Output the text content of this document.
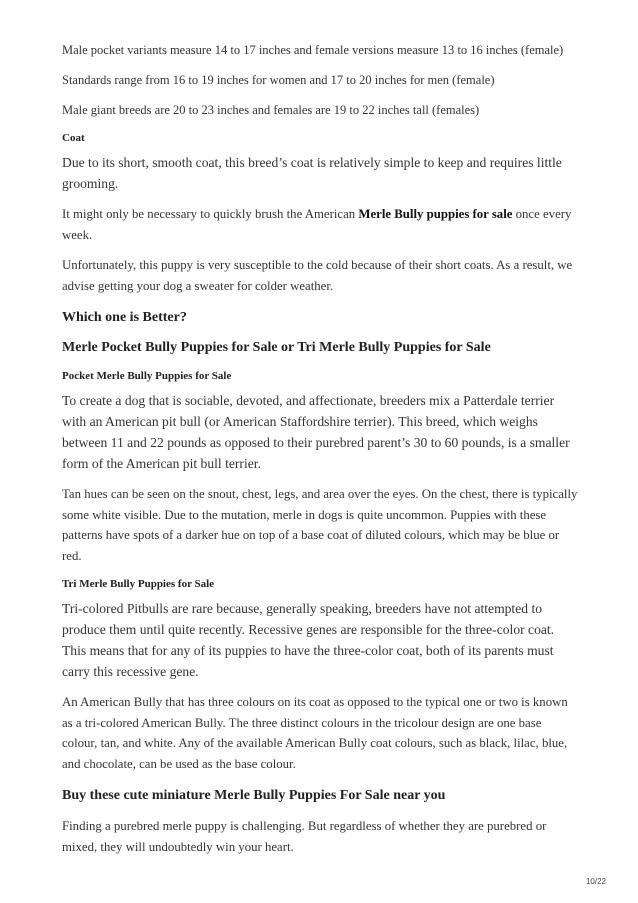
Male pocket variants measure 14 to 17 inches and female versions measure 13 to 16 inches (female)

Standards range from 16 to 19 inches for women and 17 to 20 inches for men (female)

Male giant breeds are 20 to 23 inches and females are 19 to 22 inches tall (females)

Coat

Due to its short, smooth coat, this breed’s coat is relatively simple to keep and requires little grooming.

It might only be necessary to quickly brush the American Merle Bully puppies for sale once every week.

Unfortunately, this puppy is very susceptible to the cold because of their short coats. As a result, we advise getting your dog a sweater for colder weather.

Which one is Better?
Merle Pocket Bully Puppies for Sale or Tri Merle Bully Puppies for Sale
Pocket Merle Bully Puppies for Sale

To create a dog that is sociable, devoted, and affectionate, breeders mix a Patterdale terrier with an American pit bull (or American Staffordshire terrier). This breed, which weighs between 11 and 22 pounds as opposed to their purebred parent’s 30 to 60 pounds, is a smaller form of the American pit bull terrier.

Tan hues can be seen on the snout, chest, legs, and area over the eyes. On the chest, there is typically some white visible. Due to the mutation, merle in dogs is quite uncommon. Puppies with these patterns have spots of a darker hue on top of a base coat of diluted colours, which may be blue or red.

Tri Merle Bully Puppies for Sale

Tri-colored Pitbulls are rare because, generally speaking, breeders have not attempted to produce them until quite recently. Recessive genes are responsible for the three-color coat. This means that for any of its puppies to have the three-color coat, both of its parents must carry this recessive gene.

An American Bully that has three colours on its coat as opposed to the typical one or two is known as a tri-colored American Bully. The three distinct colours in the tricolour design are one base colour, tan, and white. Any of the available American Bully coat colours, such as black, lilac, blue, and chocolate, can be used as the base colour.

Buy these cute miniature Merle Bully Puppies For Sale near you

Finding a purebred merle puppy is challenging. But regardless of whether they are purebred or mixed, they will undoubtedly win your heart.

10/22
